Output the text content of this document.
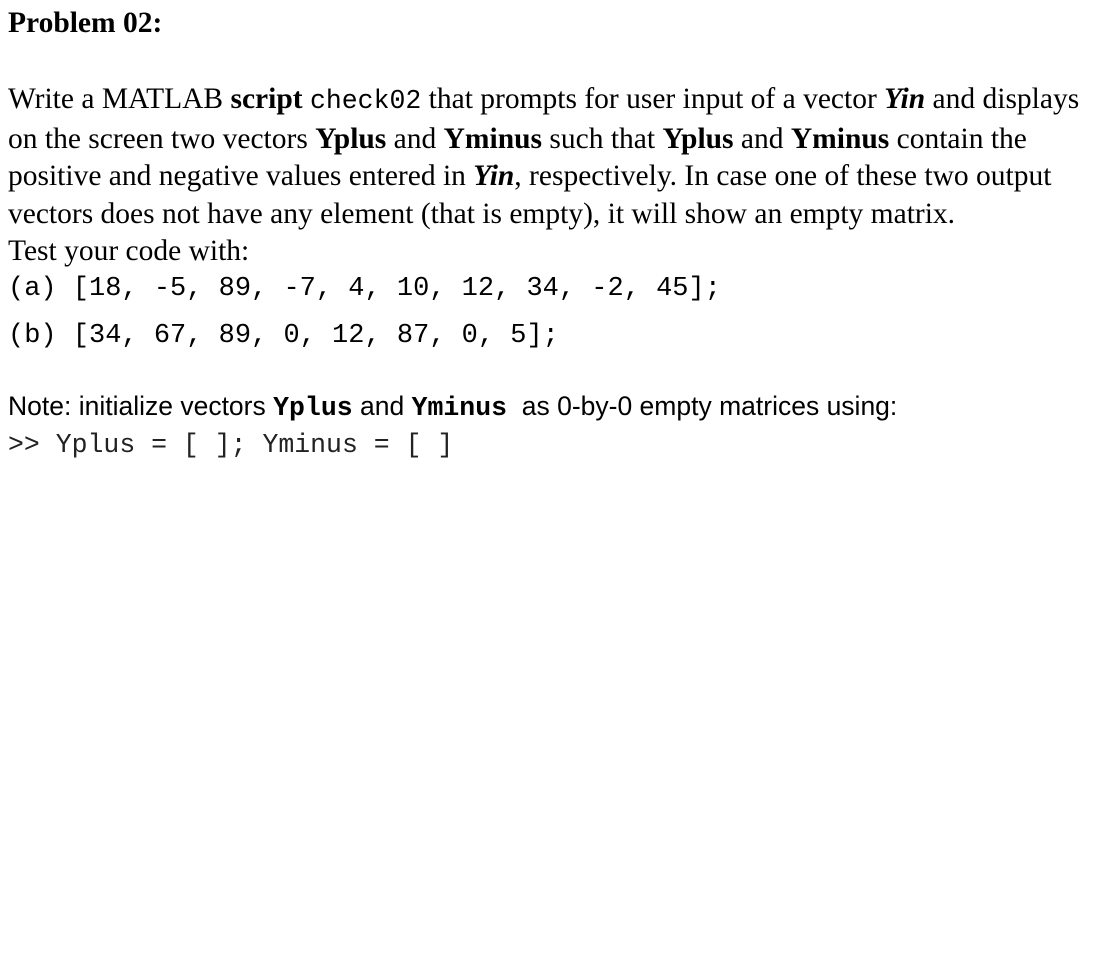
Problem 02:

Write a MATLAB script check02 that prompts for user input of a vector Yin and displays on the screen two vectors Yplus and Yminus such that Yplus and Yminus contain the positive and negative values entered in Yin, respectively. In case one of these two output vectors does not have any element (that is empty), it will show an empty matrix.

Test your code with:

(a) [18, -5, 89, -7, 4, 10, 12, 34, -2, 45];
(b) [34, 67, 89, 0, 12, 87, 0, 5];

Note: initialize vectors Yplus and Yminus  as 0-by-0 empty matrices using:

>> Yplus = [ ]; Yminus = [ ]
